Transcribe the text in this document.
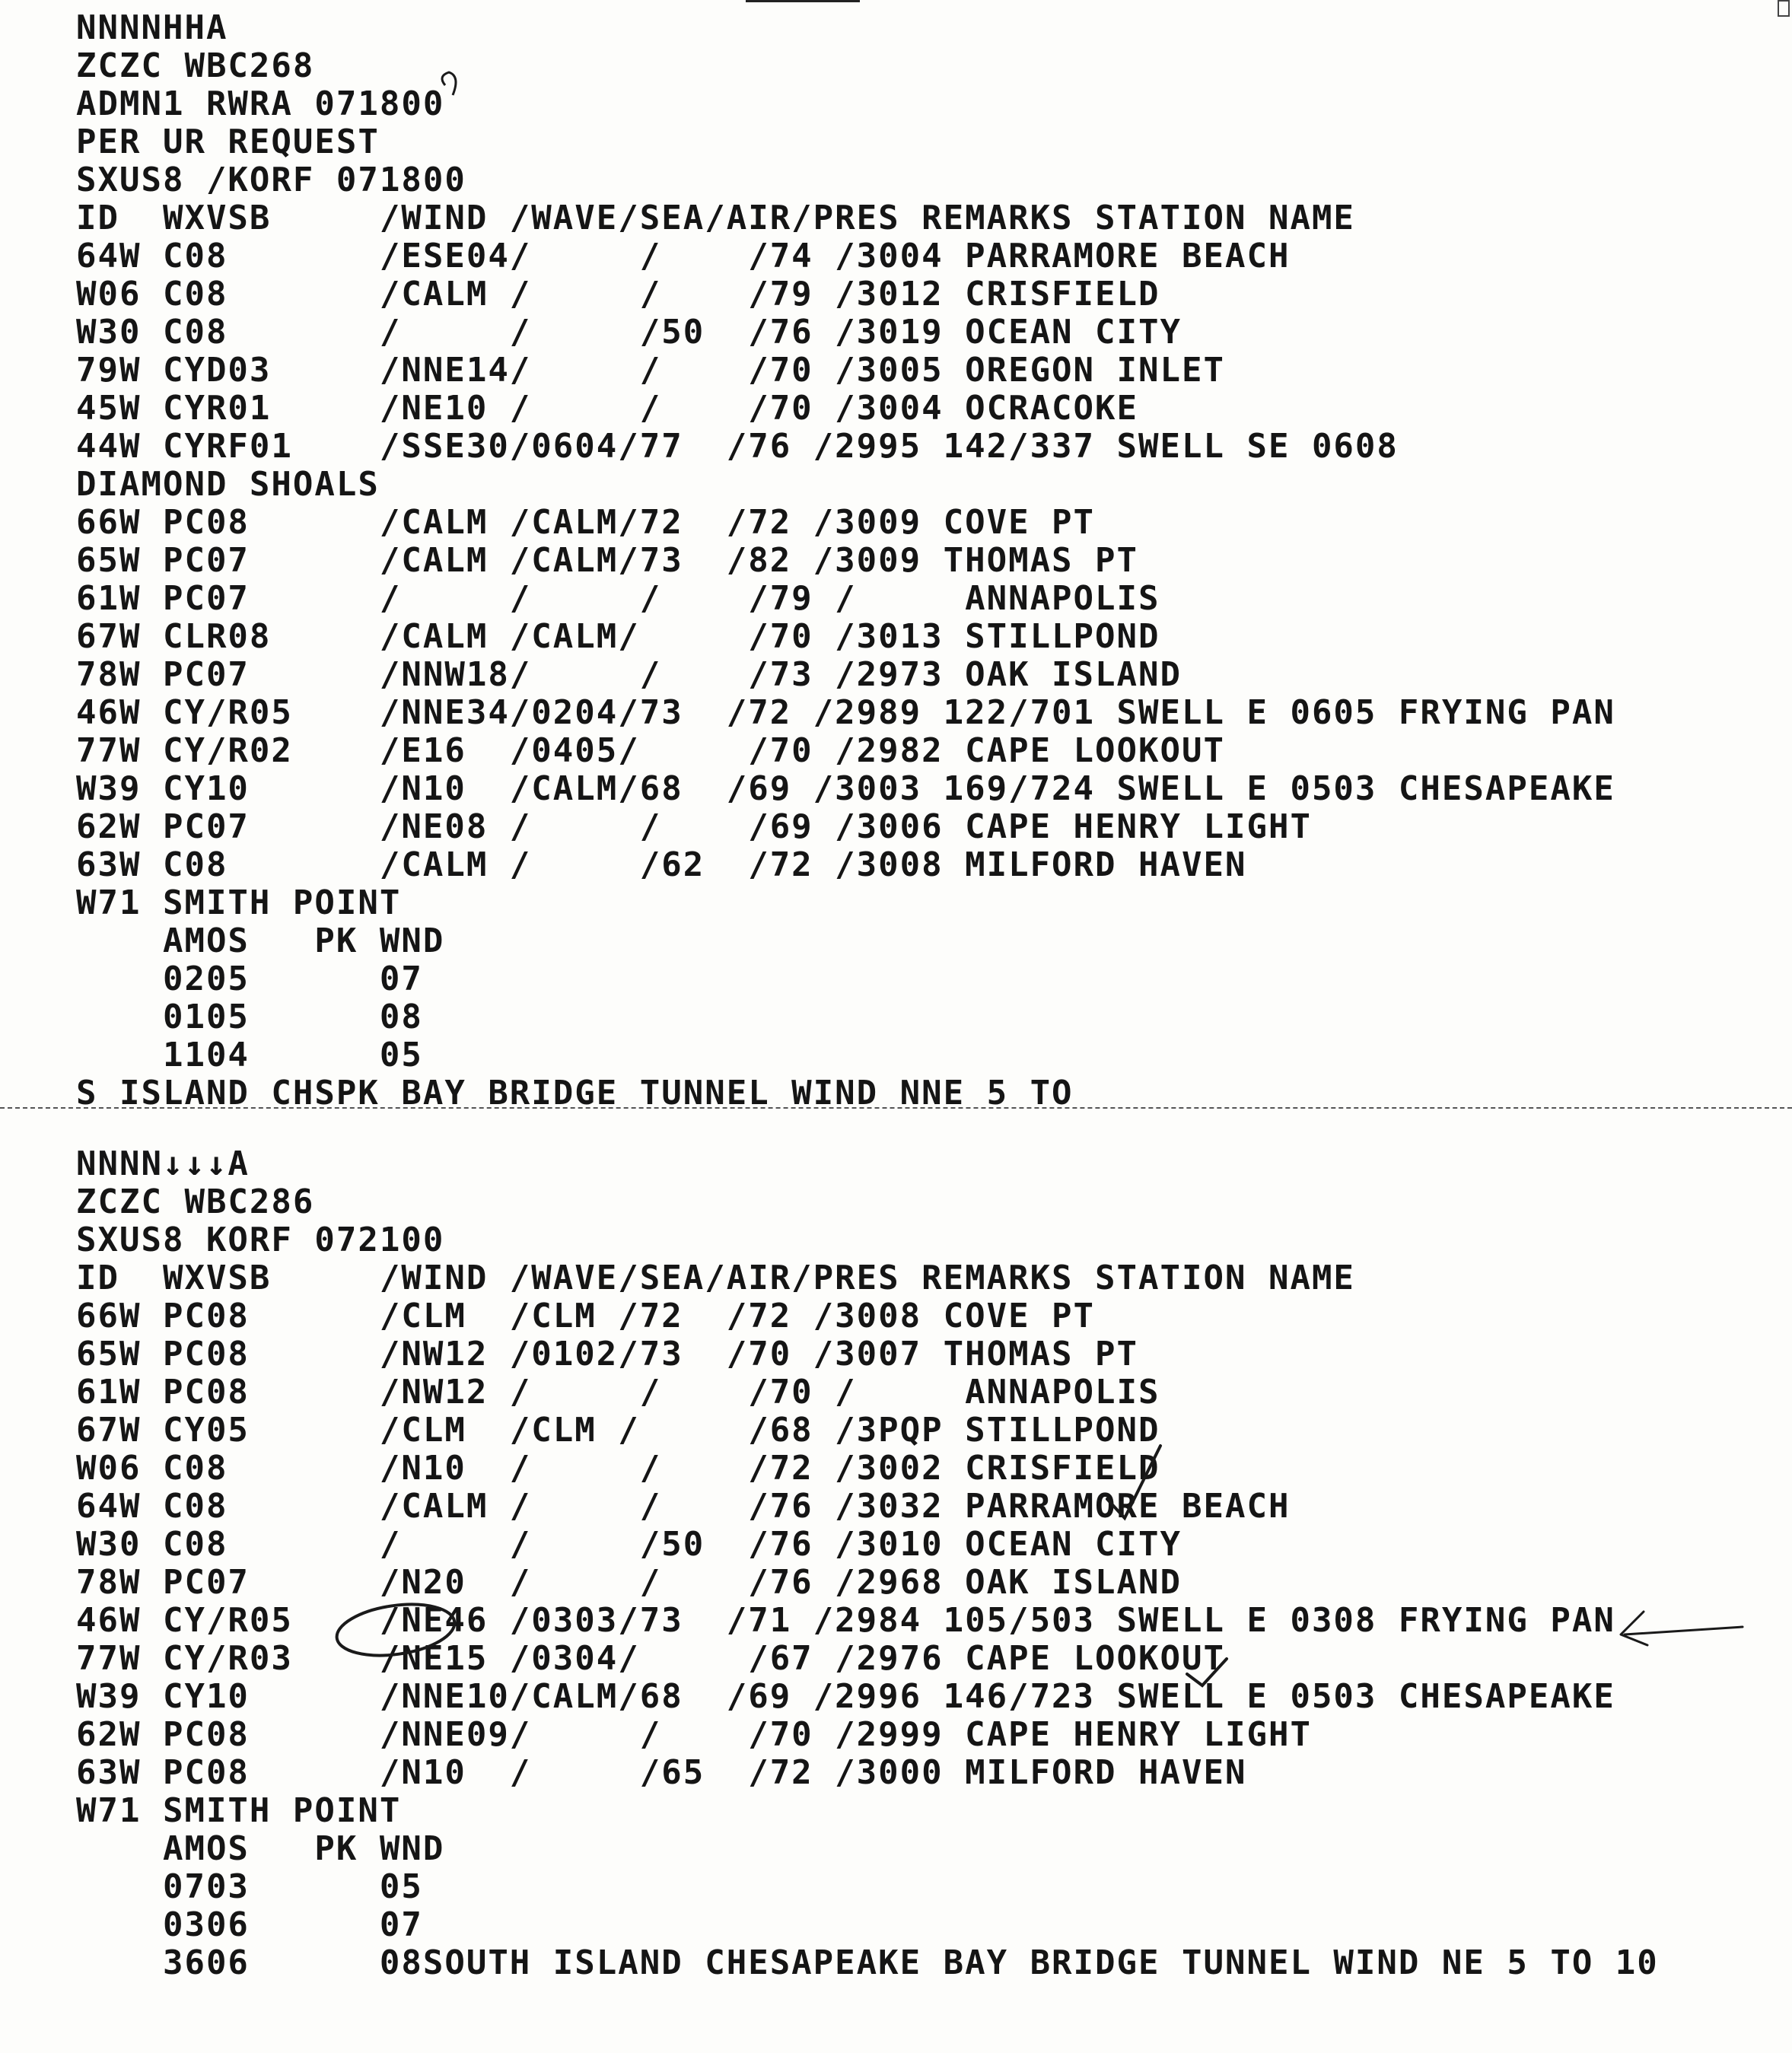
NNNNHHA
ZCZC WBC268
ADMN1 RWRA 071800
PER UR REQUEST
SXUS8 /KORF 071800
ID  WXVSB     /WIND /WAVE/SEA/AIR/PRES REMARKS STATION NAME
64W C08       /ESE04/     /    /74 /3004 PARRAMORE BEACH
W06 C08       /CALM /     /    /79 /3012 CRISFIELD
W30 C08       /     /     /50  /76 /3019 OCEAN CITY
79W CYD03     /NNE14/     /    /70 /3005 OREGON INLET
45W CYR01     /NE10 /     /    /70 /3004 OCRACOKE
44W CYRF01    /SSE30/0604/77  /76 /2995 142/337 SWELL SE 0608
DIAMOND SHOALS
66W PC08      /CALM /CALM/72  /72 /3009 COVE PT
65W PC07      /CALM /CALM/73  /82 /3009 THOMAS PT
61W PC07      /     /     /    /79 /     ANNAPOLIS
67W CLR08     /CALM /CALM/     /70 /3013 STILLPOND
78W PC07      /NNW18/     /    /73 /2973 OAK ISLAND
46W CY/R05    /NNE34/0204/73  /72 /2989 122/701 SWELL E 0605 FRYING PAN
77W CY/R02    /E16  /0405/     /70 /2982 CAPE LOOKOUT
W39 CY10      /N10  /CALM/68  /69 /3003 169/724 SWELL E 0503 CHESAPEAKE
62W PC07      /NE08 /     /    /69 /3006 CAPE HENRY LIGHT
63W C08       /CALM /     /62  /72 /3008 MILFORD HAVEN
W71 SMITH POINT
AMOS   PK WND
0205      07
0105      08
1104      05
S ISLAND CHSPK BAY BRIDGE TUNNEL WIND NNE 5 TO
NNNN↓↓↓A
ZCZC WBC286
SXUS8 KORF 072100
ID  WXVSB     /WIND /WAVE/SEA/AIR/PRES REMARKS STATION NAME
66W PC08      /CLM  /CLM /72  /72 /3008 COVE PT
65W PC08      /NW12 /0102/73  /70 /3007 THOMAS PT
61W PC08      /NW12 /     /    /70 /     ANNAPOLIS
67W CY05      /CLM  /CLM /     /68 /3PQP STILLPOND
W06 C08       /N10  /     /    /72 /3002 CRISFIELD
64W C08       /CALM /     /    /76 /3032 PARRAMORE BEACH
W30 C08       /     /     /50  /76 /3010 OCEAN CITY
78W PC07      /N20  /     /    /76 /2968 OAK ISLAND
46W CY/R05    /NE46 /0303/73  /71 /2984 105/503 SWELL E 0308 FRYING PAN
77W CY/R03    /NE15 /0304/     /67 /2976 CAPE LOOKOUT
W39 CY10      /NNE10/CALM/68  /69 /2996 146/723 SWELL E 0503 CHESAPEAKE
62W PC08      /NNE09/     /    /70 /2999 CAPE HENRY LIGHT
63W PC08      /N10  /     /65  /72 /3000 MILFORD HAVEN
W71 SMITH POINT
AMOS   PK WND
0703      05
0306      07
3606      08SOUTH ISLAND CHESAPEAKE BAY BRIDGE TUNNEL WIND NE 5 TO 10
